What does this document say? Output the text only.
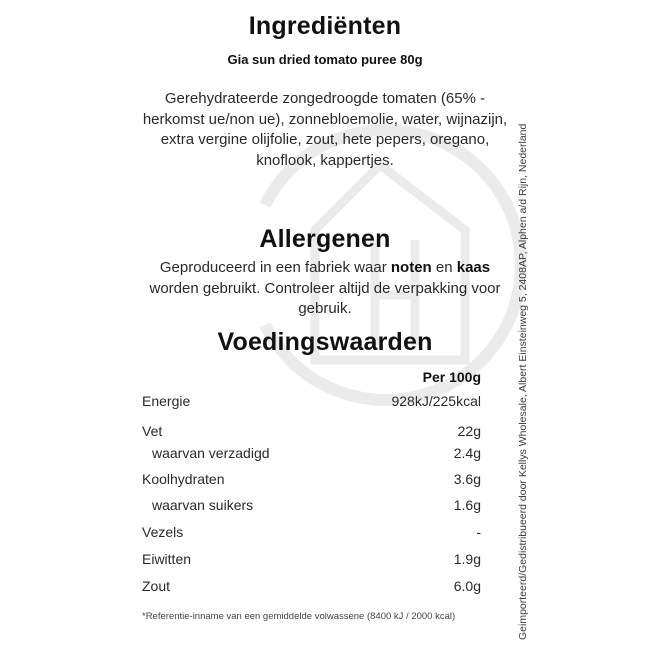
Ingrediënten
Gia sun dried tomato puree 80g
Gerehydrateerde zongedroogde tomaten (65% -
herkomst ue/non ue), zonnebloemolie, water, wijnazijn,
extra vergine olijfolie, zout, hete pepers, oregano,
knoflook, kappertjes.
Allergenen
Geproduceerd in een fabriek waar noten en kaas
worden gebruikt. Controleer altijd de verpakking voor
gebruik.
Voedingswaarden
Per 100g
Energie	928kJ/225kcal
Vet	22g
waarvan verzadigd	2.4g
Koolhydraten	3.6g
waarvan suikers	1.6g
Vezels	-
Eiwitten	1.9g
Zout	6.0g
*Referentie-inname van een gemiddelde volwassene (8400 kJ / 2000 kcal)	Geimporteerd/Gedistribueerd door Kellys Wholesale, Albert Einsteinweg 5, 2408AP, Alphen a/d Rijn, Nederland
